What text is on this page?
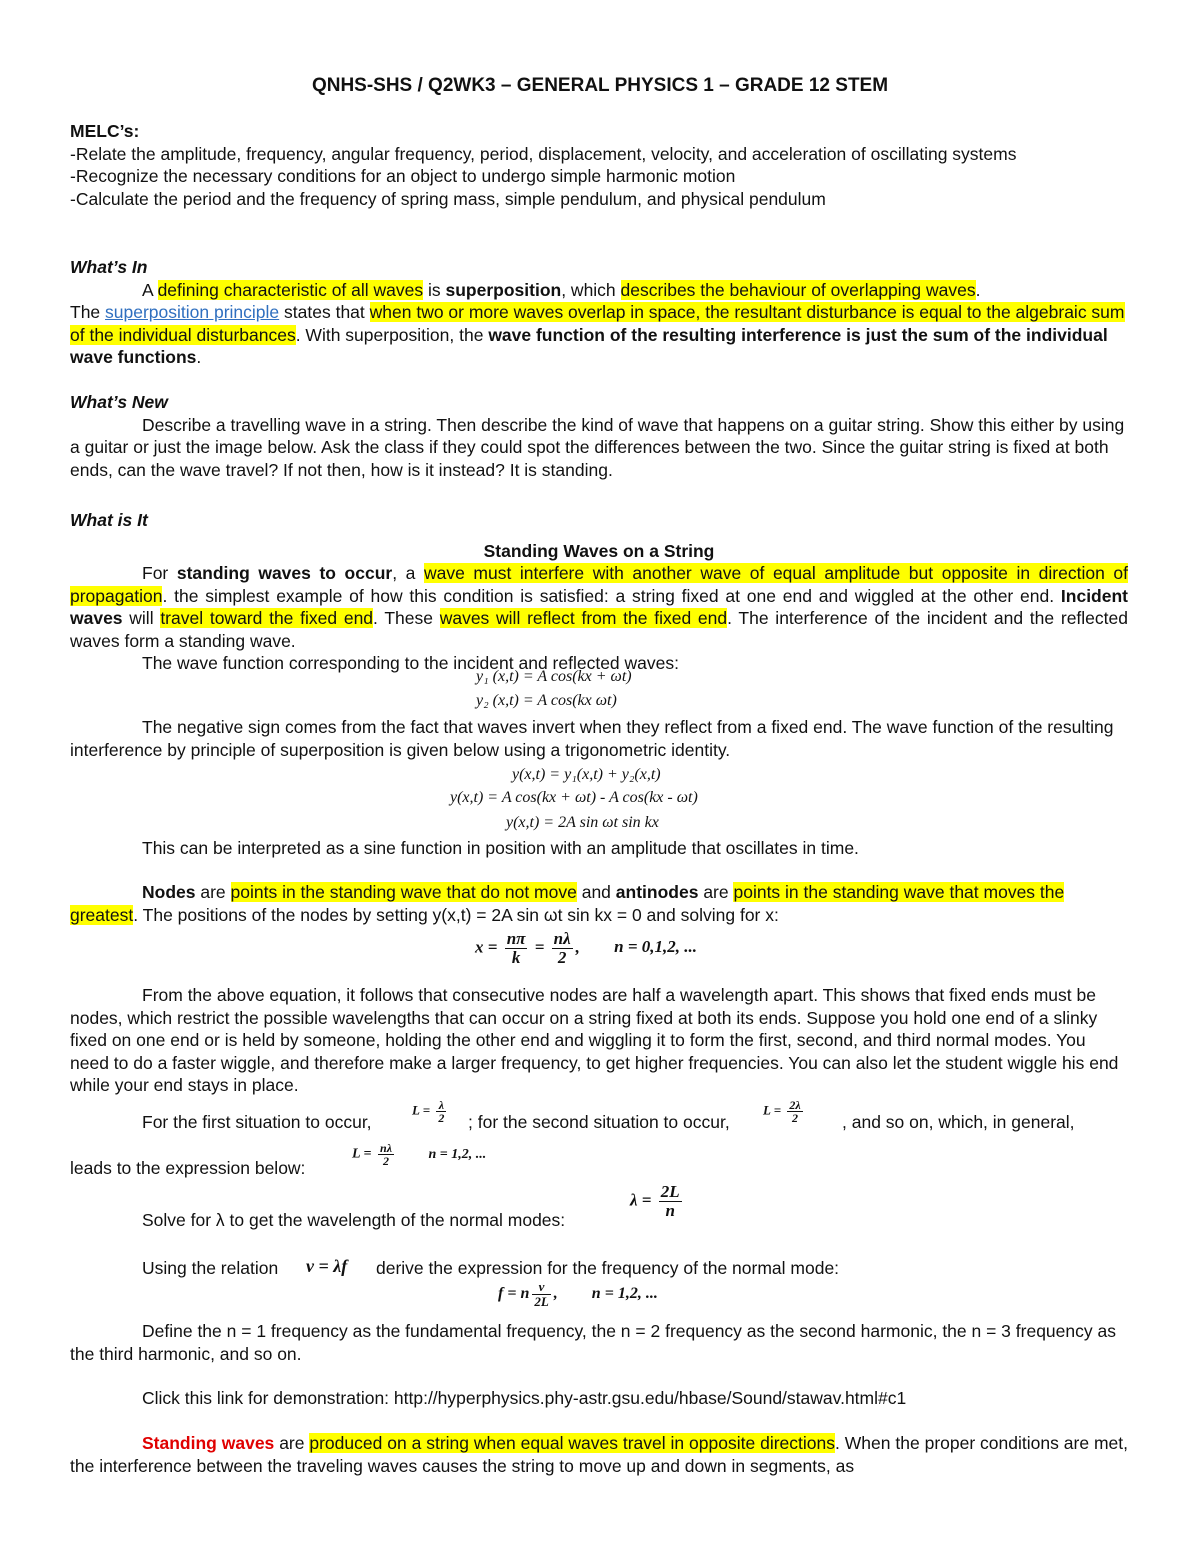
QNHS-SHS / Q2WK3 – GENERAL PHYSICS 1 – GRADE 12 STEM

MELC’s:

-Relate the amplitude, frequency, angular frequency, period, displacement, velocity, and acceleration of oscillating systems

-Recognize the necessary conditions for an object to undergo simple harmonic motion

-Calculate the period and the frequency of spring mass, simple pendulum, and physical pendulum

What’s In

A defining characteristic of all waves is superposition, which describes the behaviour of overlapping waves.

The superposition principle states that when two or more waves overlap in space, the resultant disturbance is equal to the algebraic sum of the individual disturbances. With superposition, the wave function of the resulting interference is just the sum of the individual wave functions.

What’s New

Describe a travelling wave in a string. Then describe the kind of wave that happens on a guitar string. Show this either by using a guitar or just the image below. Ask the class if they could spot the differences between the two. Since the guitar string is fixed at both ends, can the wave travel? If not then, how is it instead? It is standing.

What is It

Standing Waves on a String

For standing waves to occur, a wave must interfere with another wave of equal amplitude but opposite in direction of propagation. the simplest example of how this condition is satisfied: a string fixed at one end and wiggled at the other end. Incident waves will travel toward the fixed end. These waves will reflect from the fixed end. The interference of the incident and the reflected waves form a standing wave.

The wave function corresponding to the incident and reflected waves:

y₁ (x,t) = A cos(kx + ωt)
y₂ (x,t) = A cos(kx ωt)

The negative sign comes from the fact that waves invert when they reflect from a fixed end. The wave function of the resulting interference by principle of superposition is given below using a trigonometric identity.

y(x,t) = y₁(x,t) + y₂(x,t)
y(x,t) = A cos(kx + ωt) - A cos(kx - ωt)
y(x,t) = 2A sin ωt sin kx

This can be interpreted as a sine function in position with an amplitude that oscillates in time.

Nodes are points in the standing wave that do not move and antinodes are points in the standing wave that moves the greatest. The positions of the nodes by setting y(x,t) = 2A sin ωt sin kx = 0 and solving for x:

$x = \frac{n\pi}{k} = \frac{n\lambda}{2}$ , n = 0,1,2, ...

From the above equation, it follows that consecutive nodes are half a wavelength apart. This shows that fixed ends must be nodes, which restrict the possible wavelengths that can occur on a string fixed at both its ends. Suppose you hold one end of a slinky fixed on one end or is held by someone, holding the other end and wiggling it to form the first, second, and third normal modes. You need to do a faster wiggle, and therefore make a larger frequency, to get higher frequencies. You can also let the student wiggle his end while your end stays in place.

For the first situation to occur,
$L = \frac{\lambda}{2}$ ; for the second situation to occur,
$L = \frac{2\lambda}{2}$ , and so on, which, in general,
leads to the expression below:
$L = \frac{n\lambda}{2}$ n = 1,2, ...
Solve for λ to get the wavelength of the normal modes:
$\lambda = \frac{2L}{n}$
Using the relation v = λf derive the expression for the frequency of the normal mode:
f = n $\frac{v}{2L}$ , n = 1,2, ...

Define the n = 1 frequency as the fundamental frequency, the n = 2 frequency as the second harmonic, the n = 3 frequency as the third harmonic, and so on.

Click this link for demonstration: http://hyperphysics.phy-astr.gsu.edu/hbase/Sound/stawav.html#c1

Standing waves are produced on a string when equal waves travel in opposite directions. When the proper conditions are met, the interference between the traveling waves causes the string to move up and down in segments, as
